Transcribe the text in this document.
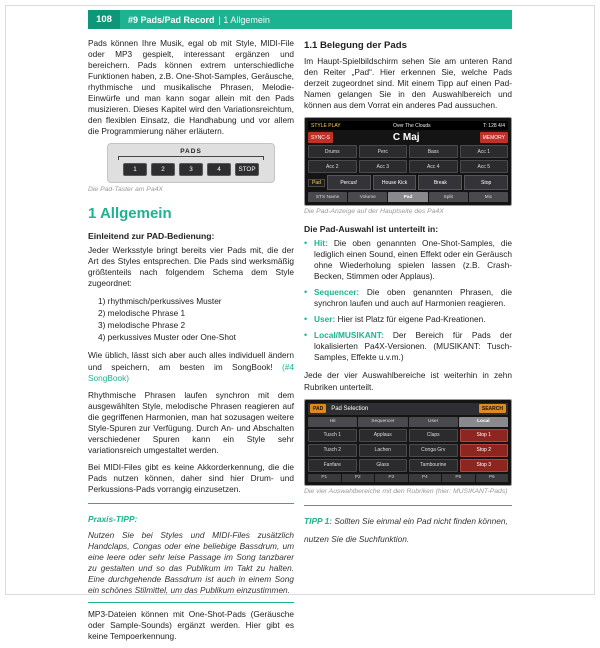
108	#9 Pads/Pad Record | 1 Allgemein

Pads können Ihre Musik, egal ob mit Style, MIDI-File oder MP3 gespielt, interessant ergänzen und bereichern. Pads können extrem unterschiedliche Funktionen haben, z.B. One-Shot-Samples, Geräusche, rhythmische und musikalische Phrasen, Melodie-Einwürfe und man kann sogar allein mit den Pads musizieren. Dieses Kapitel wird den Variationsreichtum, den flexiblen Einsatz, die Handhabung und vor allem die Programmierung näher erläutern.

PADS
1	2	3	4	STOP
Die Pad-Taster am Pa4X
1 Allgemein
Einleitend zur PAD-Bedienung:

Jeder Werksstyle bringt bereits vier Pads mit, die der Art des Styles entsprechen. Die Pads sind werksmäßig größtenteils nach folgendem Schema dem Style zugeordnet:

1) rhythmisch/perkussives Muster
2) melodische Phrase 1
3) melodische Phrase 2
4) perkussives Muster oder One-Shot

Wie üblich, lässt sich aber auch alles individuell ändern und speichern, am besten im SongBook! (#4 SongBook)

Rhythmische Phrasen laufen synchron mit dem ausgewählten Style, melodische Phrasen reagieren auf die gegriffenen Harmonien, man hat sozusagen weitere Style-Spuren zur Verfügung. Durch An- und Abschalten verschiedener Spuren kann ein Style sehr variationsreich umgestaltet werden.

Bei MIDI-Files gibt es keine Akkorderkennung, die die Pads nutzen können, daher sind hier Drum- und Perkussions-Pads vorrangig einzusetzen.

Praxis-TIPP:
Nutzen Sie bei Styles und MIDI-Files zusätzlich Handclaps, Congas oder eine beliebige Bassdrum, um eine leere oder sehr leise Passage im Song tanzbarer zu gestalten und so das Publikum im Takt zu halten. Eine durchgehende Bassdrum ist auch in einem Song ein schönes Stilmittel, um das Publikum einzustimmen.

MP3-Dateien können mit One-Shot-Pads (Geräusche oder Sample-Sounds) ergänzt werden. Hier gibt es keine Tempoerkennung.

1.1 Belegung der Pads

Im Haupt-Spielbildschirm sehen Sie am unteren Rand den Reiter „Pad“. Hier erkennen Sie, welche Pads derzeit zugeordnet sind. Mit einem Tipp auf einen Pad-Namen gelangen Sie in den Auswahlbereich und können aus dem Vorrat ein anderes Pad aussuchen.

STYLE PLAY	Over The Clouds	T: 128 4/4
SYNC-S	C Maj	MEMORY
Drums	Perc	Bass	Acc 1
Acc 2	Acc 3	Acc 4	Acc 5
Pad	Percus!	House Kick	Break	Stop
STS Name	Volume	Pad	Split	Mic
Die Pad-Anzeige auf der Hauptseite des Pa4X
Die Pad-Auswahl ist unterteilt in:
• Hit: Die oben genannten One-Shot-Samples, die lediglich einen Sound, einen Effekt oder ein Geräusch ohne Wiederholung spielen lassen (z.B. Crash-Becken, Stimmen oder Applaus).
• Sequencer: Die oben genannten Phrasen, die synchron laufen und auch auf Harmonien reagieren.
• User: Hier ist Platz für eigene Pad-Kreationen.
• Local/MUSIKANT: Der Bereich für Pads der lokalisierten Pa4X-Versionen. (MUSIKANT: Tusch-Samples, Effekte u.v.m.)

Jede der vier Auswahlbereiche ist weiterhin in zehn Rubriken unterteilt.

PAD	Pad Selection	SEARCH
Hit	Sequencer	User	Local
Tusch 1	Applaus	Claps	Stop 1
Tusch 2	Lachen	Conga Grv	Stop 2
Fanfare	Glass	Tambourine	Stop 3
P1	P2	P3	P4	P5	P6
Die vier Auswahlbereiche mit den Rubriken (hier: MUSIKANT-Pads)
TIPP 1: Sollten Sie einmal ein Pad nicht finden können, nutzen Sie die Suchfunktion.
